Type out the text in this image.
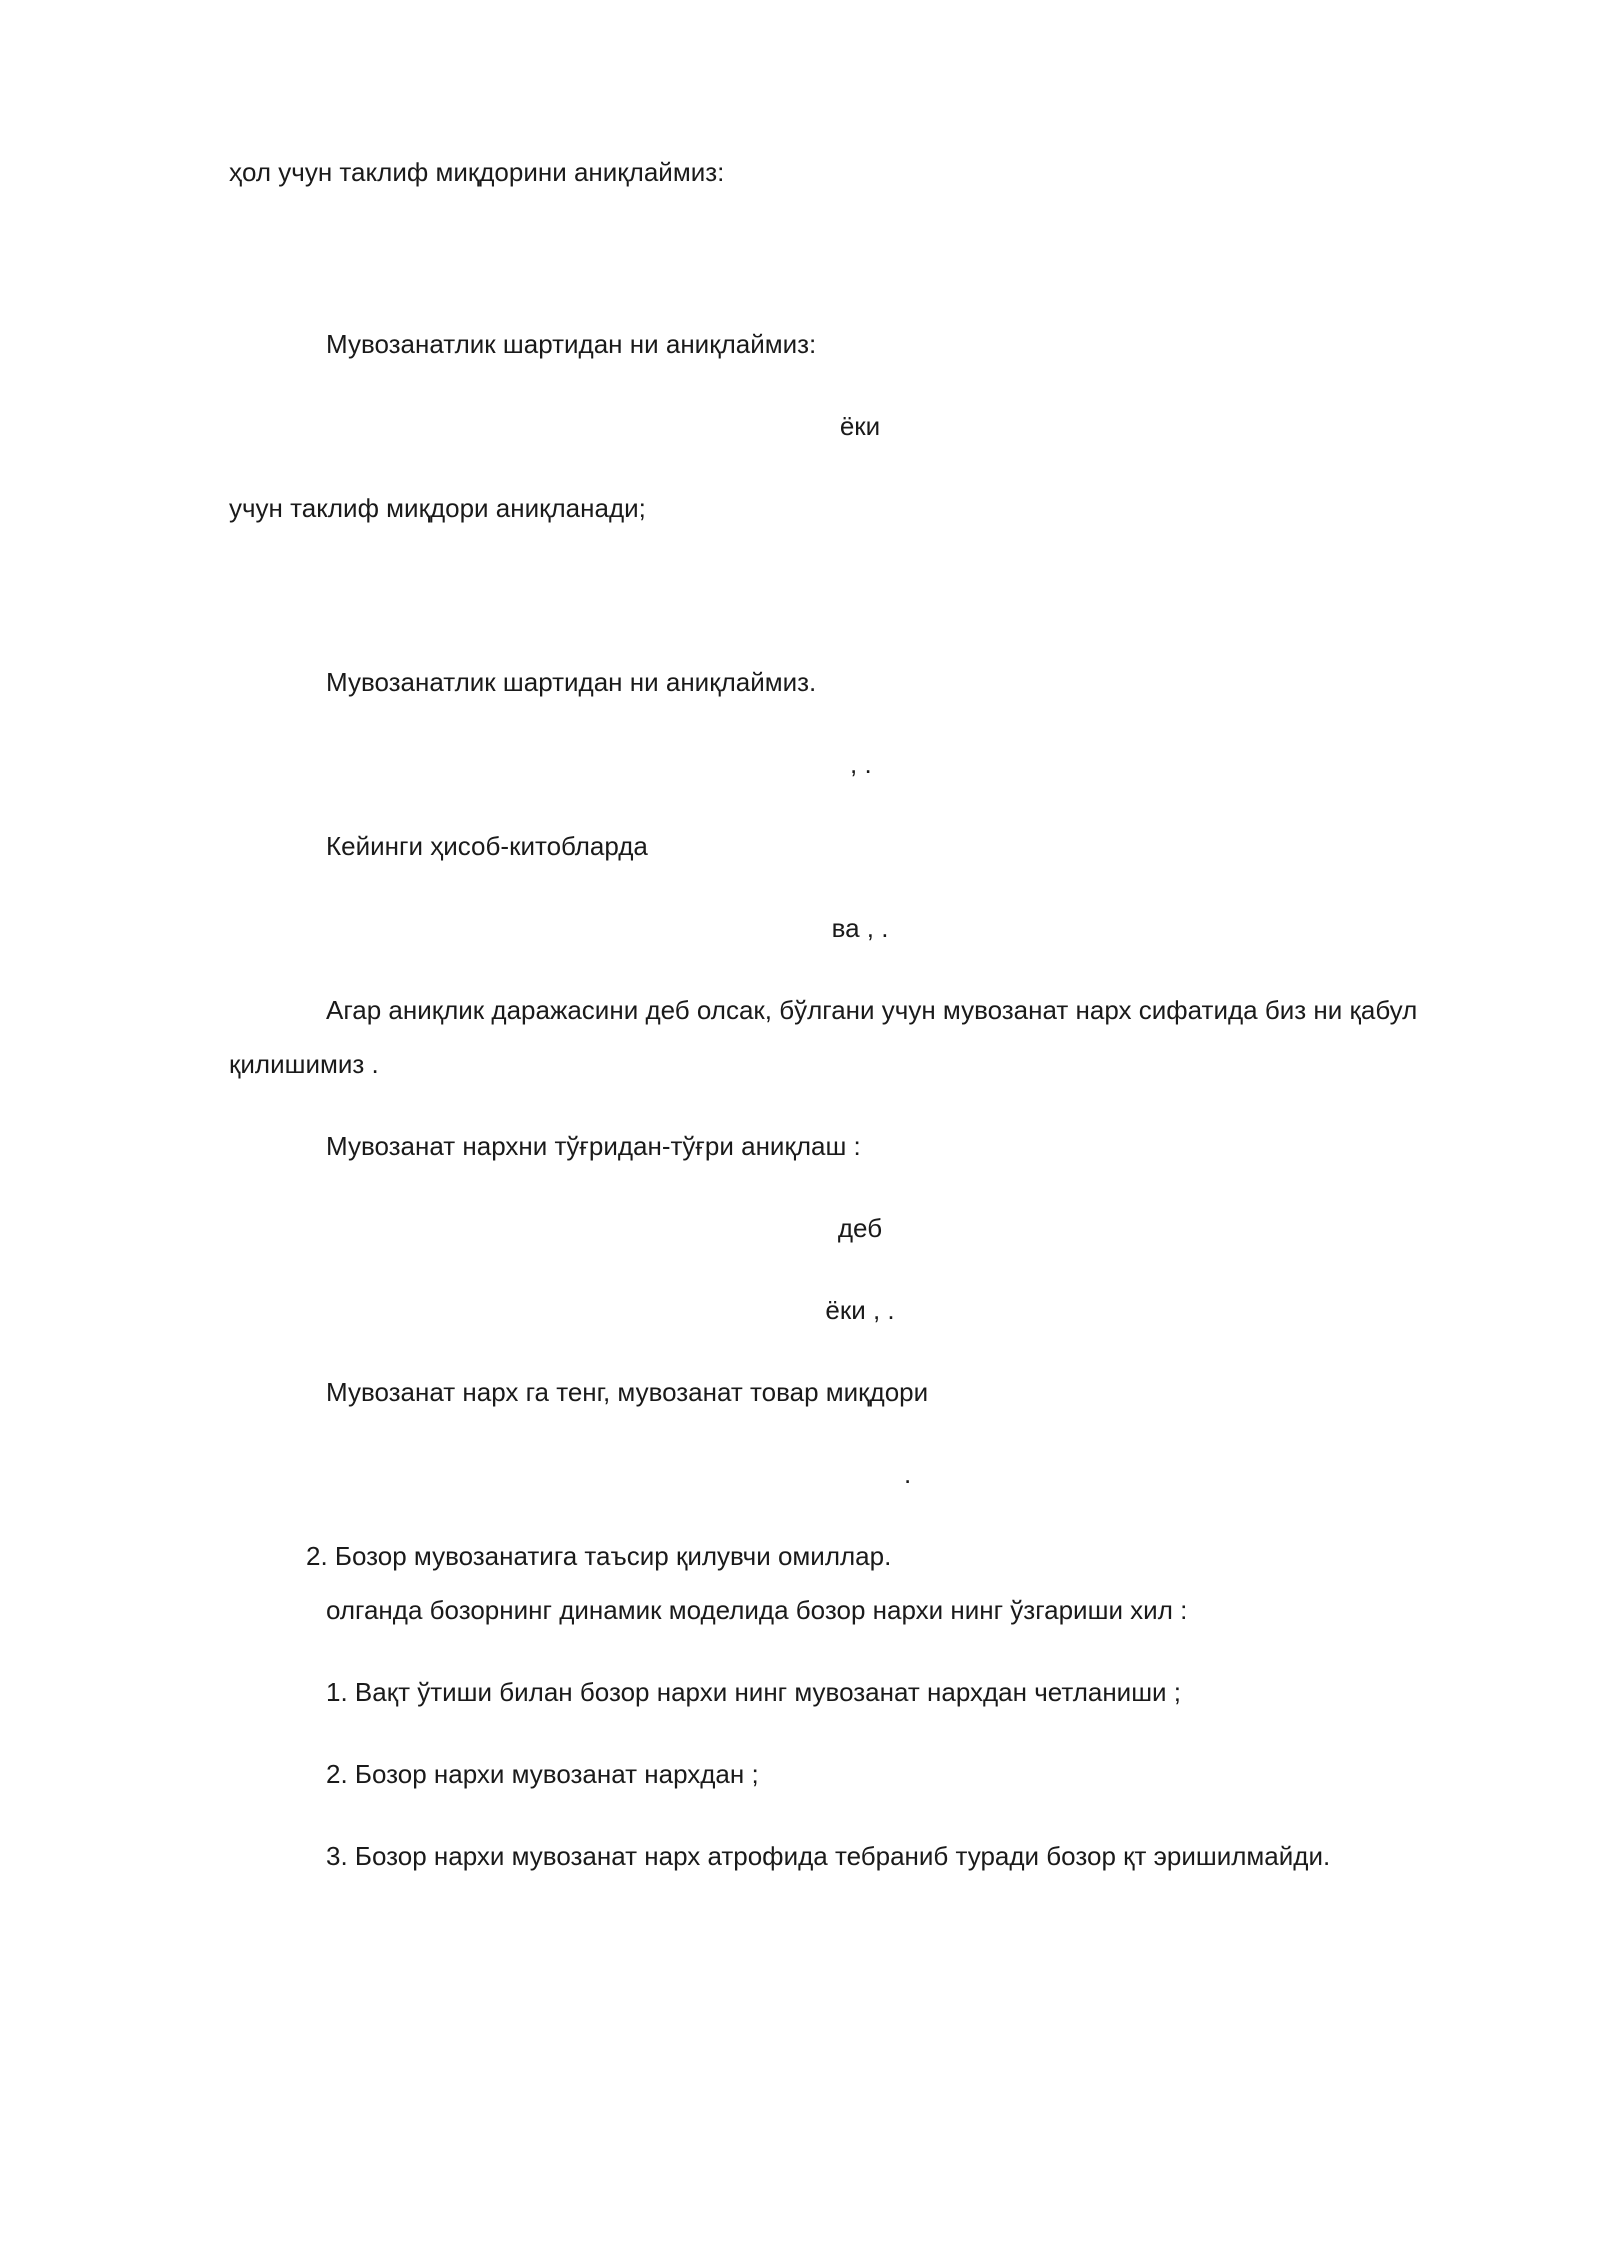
ҳол учун таклиф миқдорини аниқлаймиз:
Мувозанатлик шартидан ни аниқлаймиз:
ёки
учун таклиф миқдори аниқланади;
Мувозанатлик шартидан ни аниқлаймиз.
, .
Кейинги ҳисоб-китобларда
ва , .
Агар аниқлик даражасини деб олсак, бўлгани учун мувозанат нарх сифатида биз ни қабул
қилишимиз .
Мувозанат нархни тўғридан-тўғри аниқлаш :
деб
ёки , .
Мувозанат нарх га тенг, мувозанат товар миқдори
.
2. Бозор мувозанатига таъсир қилувчи омиллар.
олганда бозорнинг динамик моделида бозор нархи нинг ўзгариши хил :
1. Вақт ўтиши билан бозор нархи нинг мувозанат нархдан четланиши ;
2. Бозор нархи мувозанат нархдан ;
3. Бозор нархи мувозанат нарх атрофида тебраниб туради бозор қт эришилмайди.
